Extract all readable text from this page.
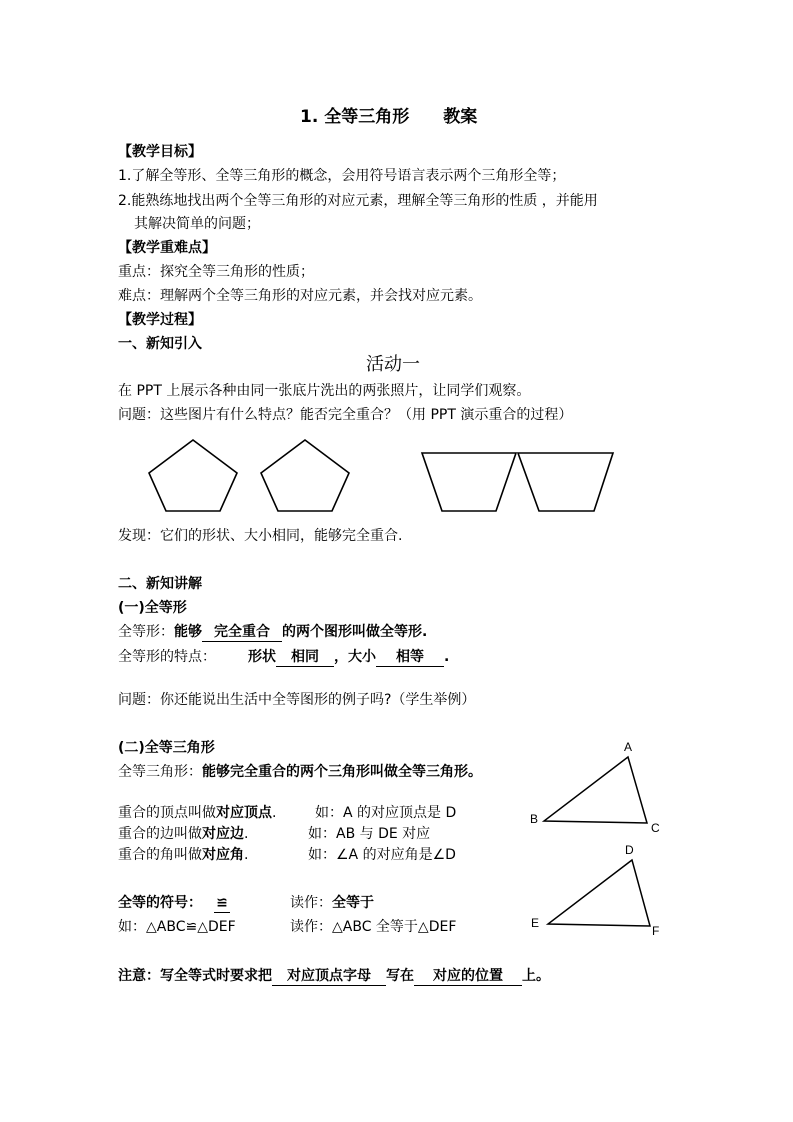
1. 全等三角形　　教案
【教学目标】
1.了解全等形、全等三角形的概念，会用符号语言表示两个三角形全等；
2.能熟练地找出两个全等三角形的对应元素，理解全等三角形的性质 ，并能用
其解决简单的问题；
【教学重难点】
重点：探究全等三角形的性质；
难点：理解两个全等三角形的对应元素，并会找对应元素。
【教学过程】
一、新知引入
活动一
在 PPT 上展示各种由同一张底片洗出的两张照片，让同学们观察。
问题：这些图片有什么特点？能否完全重合？（用 PPT 演示重合的过程）
发现：它们的形状、大小相同，能够完全重合.
二、新知讲解
(一)全等形
全等形：能够 完全重合 的两个图形叫做全等形.
全等形的特点： 形状 相同 ，大小 相等 .
问题：你还能说出生活中全等图形的例子吗?（学生举例）
(二)全等三角形
全等三角形：能够完全重合的两个三角形叫做全等三角形。
重合的顶点叫做对应顶点.	如：A 的对应顶点是 D
重合的边叫做对应边.	如：AB 与 DE 对应
重合的角叫做对应角.	如：∠A 的对应角是∠D
全等的符号： ≌	读作：全等于
如：△ABC≌△DEF	读作：△ABC 全等于△DEF
注意：写全等式时要求把 对应顶点字母 写在 对应的位置 上。
A
B
C
D
E
F
